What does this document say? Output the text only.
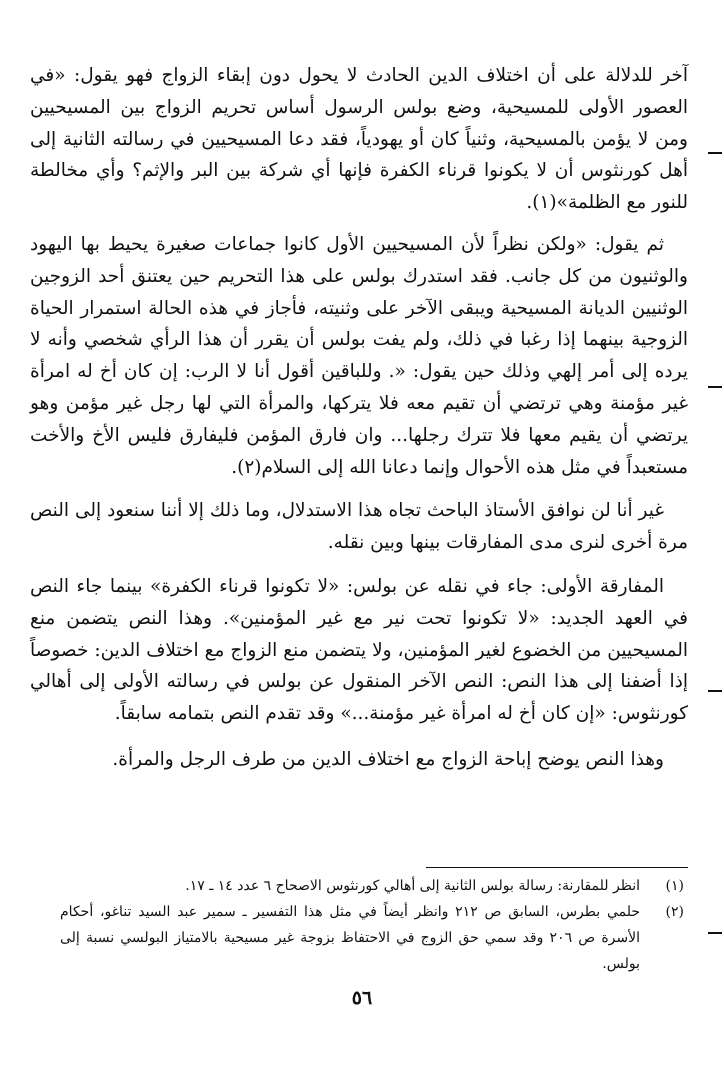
آخر للدلالة على أن اختلاف الدين الحادث لا يحول دون إبقاء الزواج فهو يقول: «في العصور الأولى للمسيحية، وضع بولس الرسول أساس تحريم الزواج بين المسيحيين ومن لا يؤمن بالمسيحية، وثنياً كان أو يهودياً، فقد دعا المسيحيين في رسالته الثانية إلى أهل كورنثوس أن لا يكونوا قرناء الكفرة فإنها أي شركة بين البر والإثم؟ وأي مخالطة للنور مع الظلمة»(١).

ثم يقول: «ولكن نظراً لأن المسيحيين الأول كانوا جماعات صغيرة يحيط بها اليهود والوثنيون من كل جانب. فقد استدرك بولس على هذا التحريم حين يعتنق أحد الزوجين الوثنيين الديانة المسيحية ويبقى الآخر على وثنيته، فأجاز في هذه الحالة استمرار الحياة الزوجية بينهما إذا رغبا في ذلك، ولم يفت بولس أن يقرر أن هذا الرأي شخصي وأنه لا يرده إلى أمر إلهي وذلك حين يقول: «. وللباقين أقول أنا لا الرب: إن كان أخ له امرأة غير مؤمنة وهي ترتضي أن تقيم معه فلا يتركها، والمرأة التي لها رجل غير مؤمن وهو يرتضي أن يقيم معها فلا تترك رجلها... وان فارق المؤمن فليفارق فليس الأخ والأخت مستعبداً في مثل هذه الأحوال وإنما دعانا الله إلى السلام(٢).

غير أنا لن نوافق الأستاذ الباحث تجاه هذا الاستدلال، وما ذلك إلا أننا سنعود إلى النص مرة أخرى لنرى مدى المفارقات بينها وبين نقله.

المفارقة الأولى: جاء في نقله عن بولس: «لا تكونوا قرناء الكفرة» بينما جاء النص في العهد الجديد: «لا تكونوا تحت نير مع غير المؤمنين». وهذا النص يتضمن منع المسيحيين من الخضوع لغير المؤمنين، ولا يتضمن منع الزواج مع اختلاف الدين: خصوصاً إذا أضفنا إلى هذا النص: النص الآخر المنقول عن بولس في رسالته الأولى إلى أهالي كورنثوس: «إن كان أخ له امرأة غير مؤمنة...» وقد تقدم النص بتمامه سابقاً.

وهذا النص يوضح إباحة الزواج مع اختلاف الدين من طرف الرجل والمرأة.

(١)
انظر للمقارنة: رسالة بولس الثانية إلى أهالي كورنثوس الاصحاح ٦ عدد ١٤ ـ ١٧.
(٢)
حلمي بطرس، السابق ص ٢١٢ وانظر أيضاً في مثل هذا التفسير ـ سمير عبد السيد تناغو، أحكام الأسرة ص ٢٠٦ وقد سمي حق الزوج في الاحتفاظ بزوجة غير مسيحية بالامتياز البولسي نسبة إلى بولس.
٥٦
